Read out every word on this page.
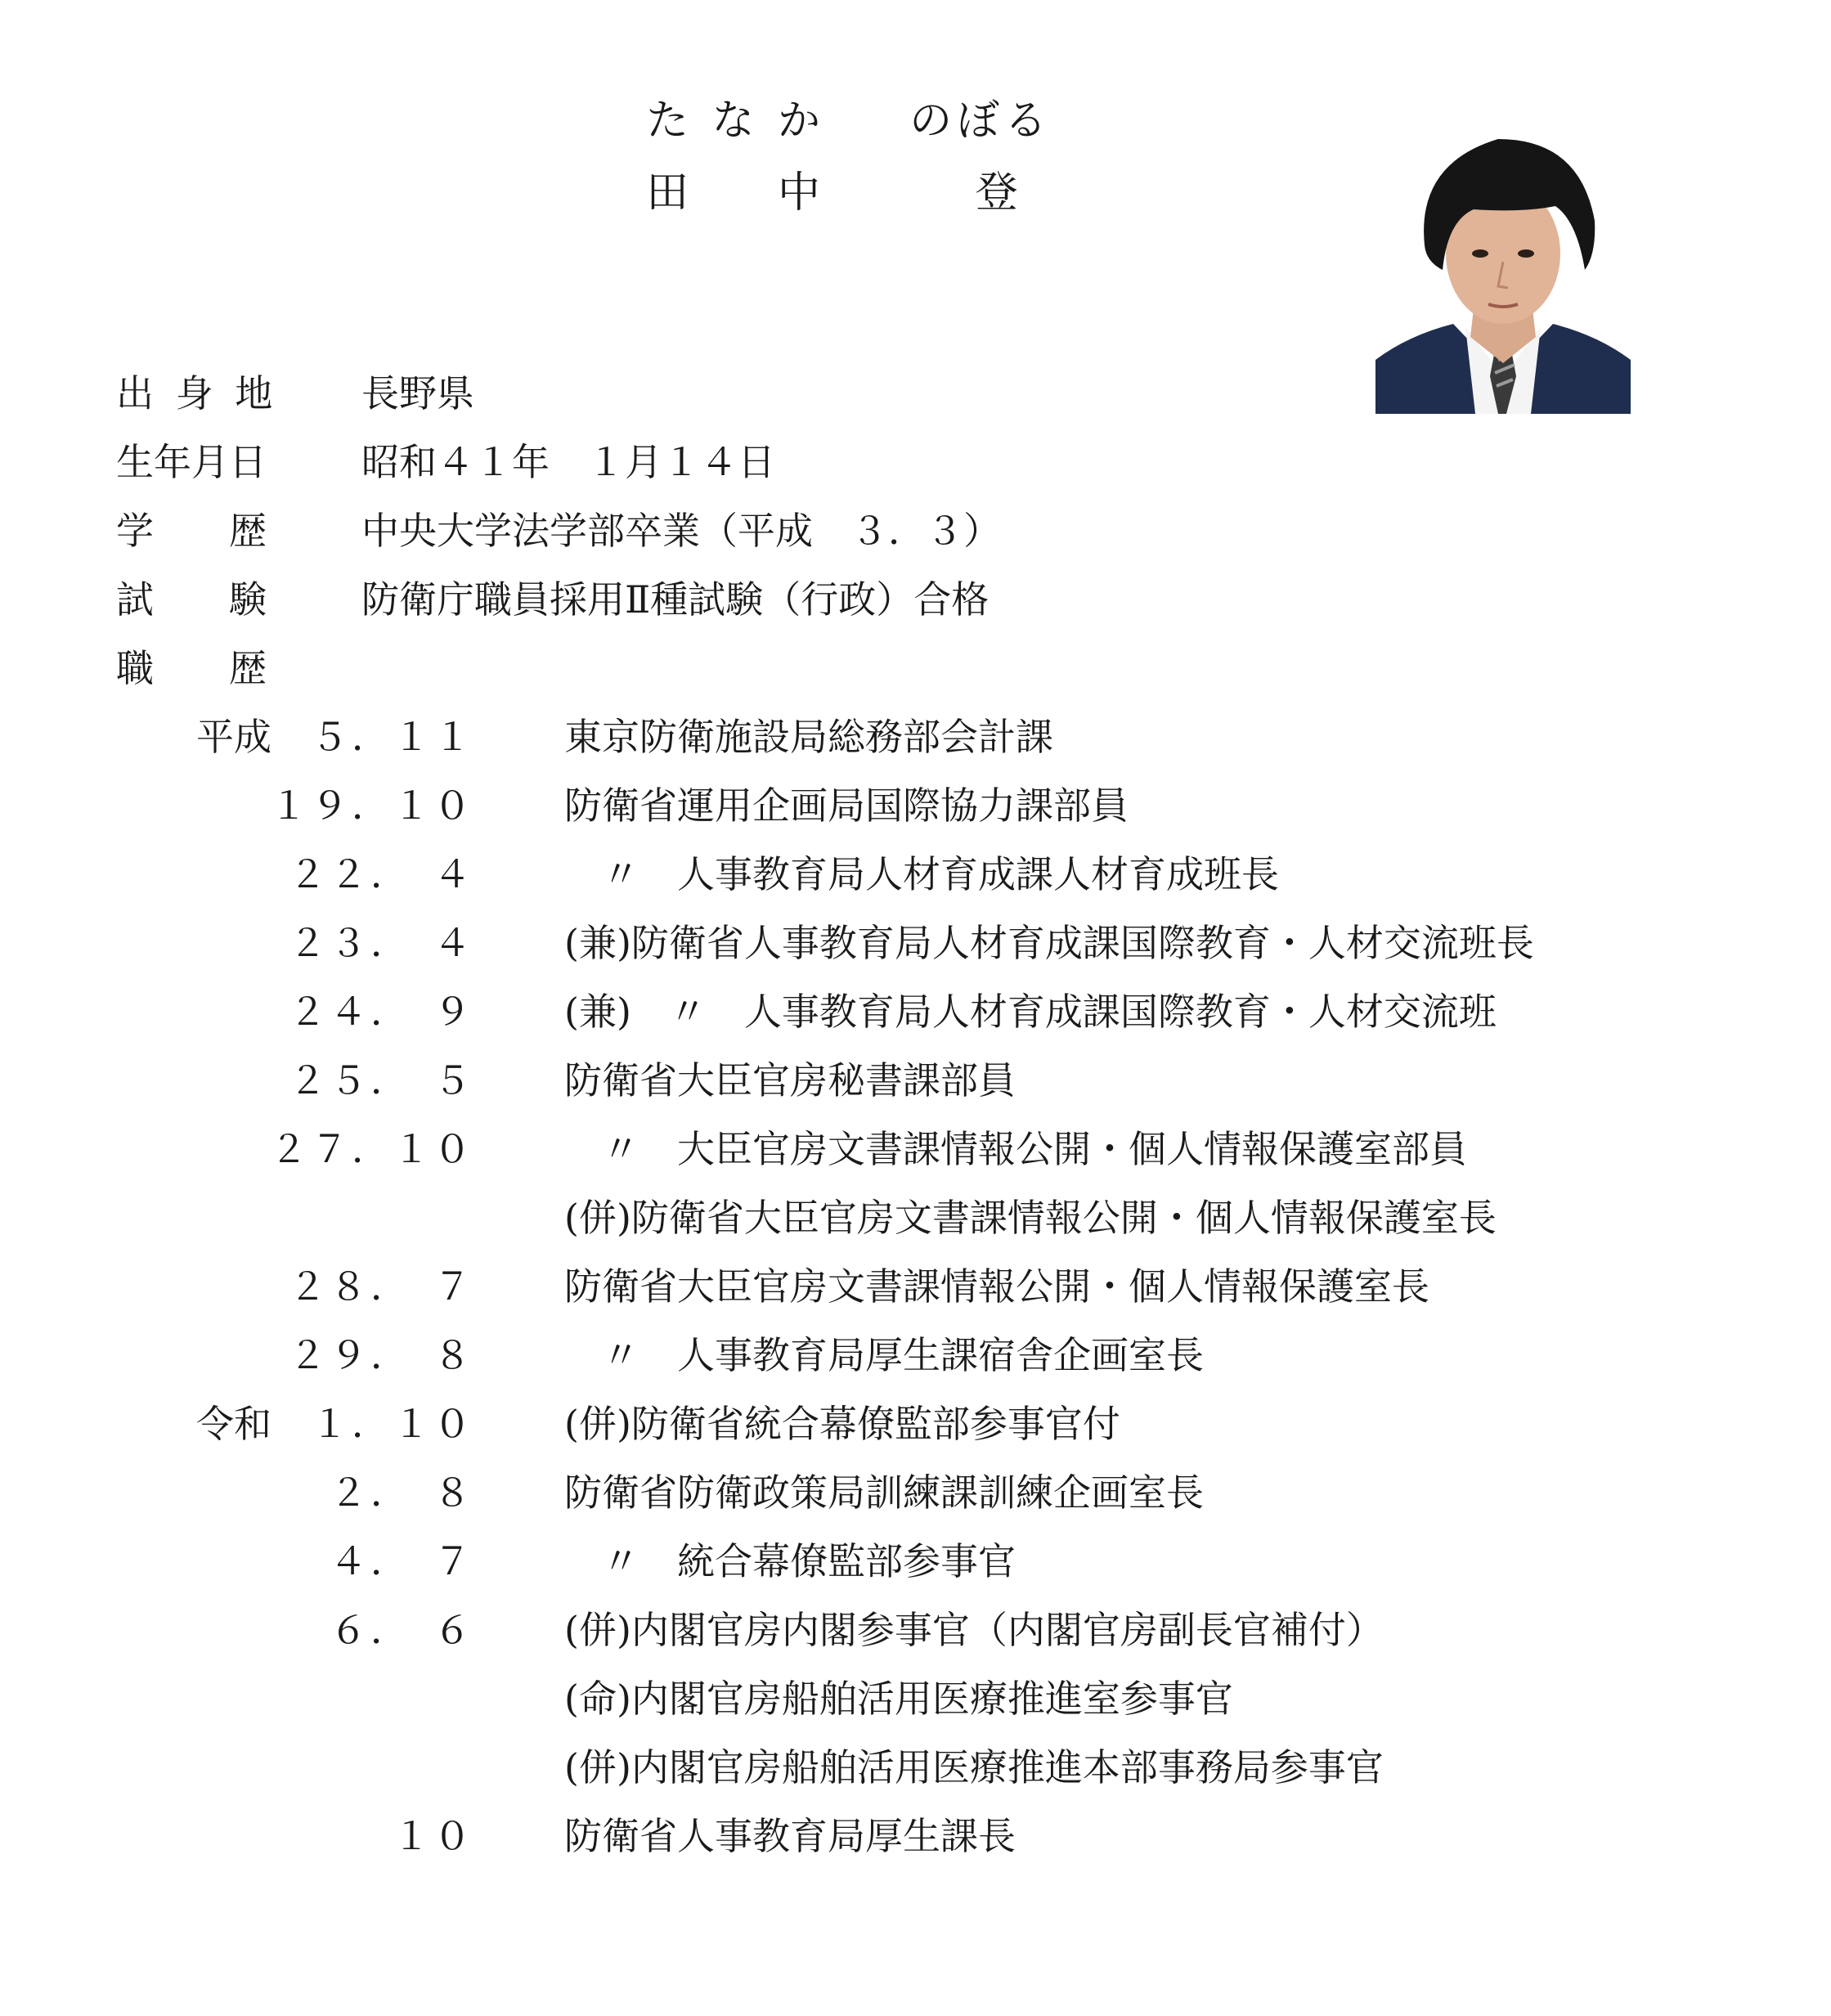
た な か 　 のぼる
田 　 中 　 　 登
出 身 地 長野県
生年月日	昭和４１年　１月１４日
学　　歴	中央大学法学部卒業（平成　３．３）
試　　験	防衛庁職員採用Ⅱ種試験（行政）合格
職　　歴
平成	５．１１ 東京防衛施設局総務部会計課
１９．１０ 防衛省運用企画局国際協力課部員
２２．　４ 　〃　人事教育局人材育成課人材育成班長
２３．　４ (兼)防衛省人事教育局人材育成課国際教育・人材交流班長
２４．　９ (兼)　〃　人事教育局人材育成課国際教育・人材交流班
２５．　５ 防衛省大臣官房秘書課部員
２７．１０ 　〃　大臣官房文書課情報公開・個人情報保護室部員
(併)防衛省大臣官房文書課情報公開・個人情報保護室長
２８．　７ 防衛省大臣官房文書課情報公開・個人情報保護室長
２９．　８ 　〃　人事教育局厚生課宿舎企画室長
令和	１．１０ (併)防衛省統合幕僚監部参事官付
２．　８ 防衛省防衛政策局訓練課訓練企画室長
４．　７ 　〃　統合幕僚監部参事官
６．　６ (併)内閣官房内閣参事官（内閣官房副長官補付）
(命)内閣官房船舶活用医療推進室参事官
(併)内閣官房船舶活用医療推進本部事務局参事官
１０ 防衛省人事教育局厚生課長
